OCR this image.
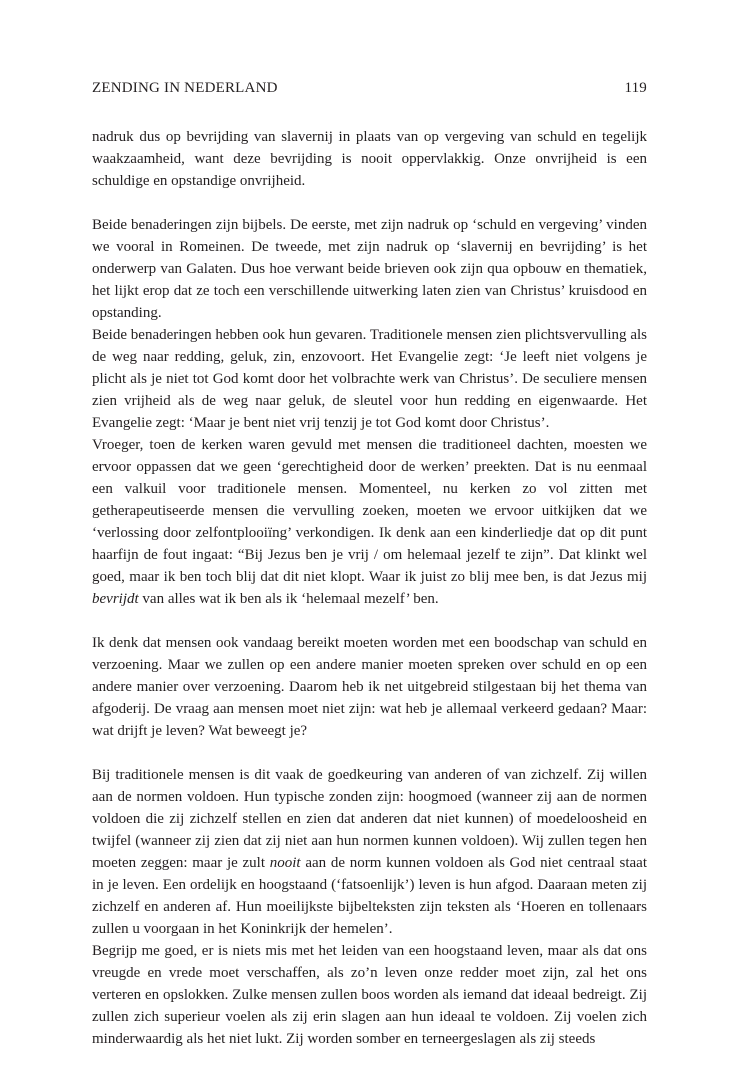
ZENDING IN NEDERLAND	119

nadruk dus op bevrijding van slavernij in plaats van op vergeving van schuld en tegelijk waakzaamheid, want deze bevrijding is nooit oppervlakkig. Onze onvrijheid is een schuldige en opstandige onvrijheid.

Beide benaderingen zijn bijbels. De eerste, met zijn nadruk op ‘schuld en vergeving’ vinden we vooral in Romeinen. De tweede, met zijn nadruk op ‘slavernij en bevrijding’ is het onderwerp van Galaten. Dus hoe verwant beide brieven ook zijn qua opbouw en thematiek, het lijkt erop dat ze toch een verschillende uitwerking laten zien van Christus’ kruisdood en opstanding.

Beide benaderingen hebben ook hun gevaren. Traditionele mensen zien plichtsvervulling als de weg naar redding, geluk, zin, enzovoort. Het Evangelie zegt: ‘Je leeft niet volgens je plicht als je niet tot God komt door het volbrachte werk van Christus’. De seculiere mensen zien vrijheid als de weg naar geluk, de sleutel voor hun redding en eigenwaarde. Het Evangelie zegt: ‘Maar je bent niet vrij tenzij je tot God komt door Christus’.

Vroeger, toen de kerken waren gevuld met mensen die traditioneel dachten, moesten we ervoor oppassen dat we geen ‘gerechtigheid door de werken’ preekten. Dat is nu eenmaal een valkuil voor traditionele mensen. Momenteel, nu kerken zo vol zitten met getherapeutiseerde mensen die vervulling zoeken, moeten we ervoor uitkijken dat we ‘verlossing door zelfontplooiïng’ verkondigen. Ik denk aan een kinderliedje dat op dit punt haarfijn de fout ingaat: “Bij Jezus ben je vrij / om helemaal jezelf te zijn”. Dat klinkt wel goed, maar ik ben toch blij dat dit niet klopt. Waar ik juist zo blij mee ben, is dat Jezus mij bevrijdt van alles wat ik ben als ik ‘helemaal mezelf’ ben.

Ik denk dat mensen ook vandaag bereikt moeten worden met een boodschap van schuld en verzoening. Maar we zullen op een andere manier moeten spreken over schuld en op een andere manier over verzoening. Daarom heb ik net uitgebreid stilgestaan bij het thema van afgoderij. De vraag aan mensen moet niet zijn: wat heb je allemaal verkeerd gedaan? Maar: wat drijft je leven? Wat beweegt je?

Bij traditionele mensen is dit vaak de goedkeuring van anderen of van zichzelf. Zij willen aan de normen voldoen. Hun typische zonden zijn: hoogmoed (wanneer zij aan de normen voldoen die zij zichzelf stellen en zien dat anderen dat niet kunnen) of moedeloosheid en twijfel (wanneer zij zien dat zij niet aan hun normen kunnen voldoen). Wij zullen tegen hen moeten zeggen: maar je zult nooit aan de norm kunnen voldoen als God niet centraal staat in je leven. Een ordelijk en hoogstaand (‘fatsoenlijk’) leven is hun afgod. Daaraan meten zij zichzelf en anderen af. Hun moeilijkste bijbelteksten zijn teksten als ‘Hoeren en tollenaars zullen u voorgaan in het Koninkrijk der hemelen’.

Begrijp me goed, er is niets mis met het leiden van een hoogstaand leven, maar als dat ons vreugde en vrede moet verschaffen, als zo’n leven onze redder moet zijn, zal het ons verteren en opslokken. Zulke mensen zullen boos worden als iemand dat ideaal bedreigt. Zij zullen zich superieur voelen als zij erin slagen aan hun ideaal te voldoen. Zij voelen zich minderwaardig als het niet lukt. Zij worden somber en terneergeslagen als zij steeds
